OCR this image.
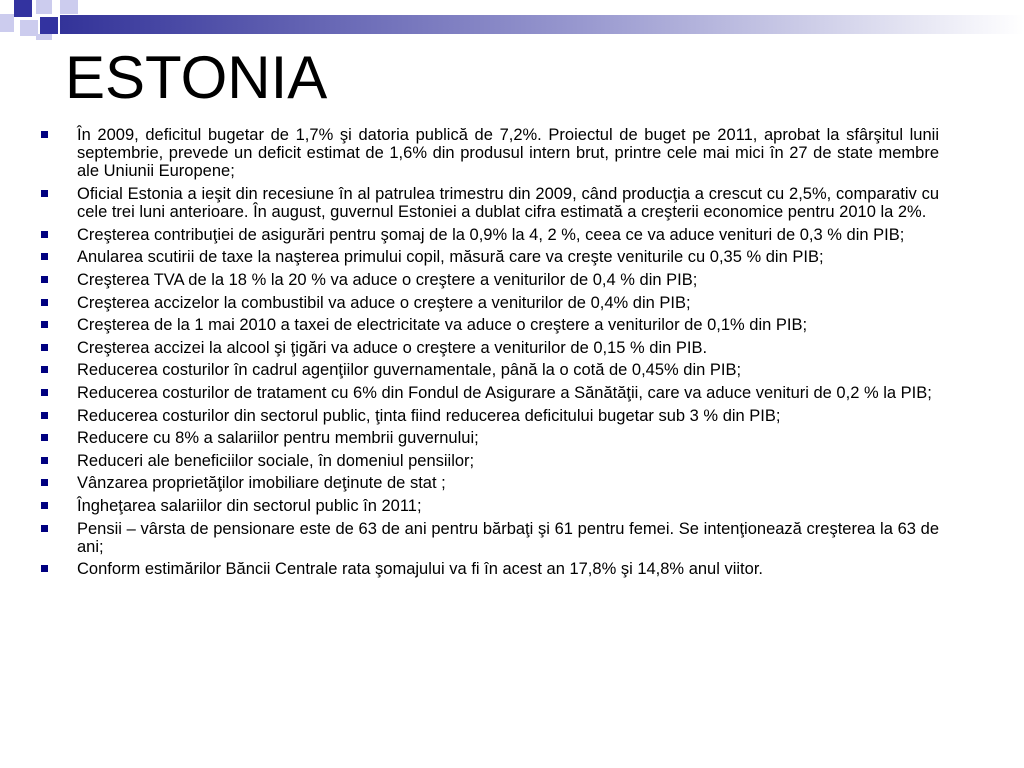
ESTONIA
În 2009, deficitul bugetar de 1,7% şi datoria publică de 7,2%. Proiectul de buget pe 2011, aprobat la sfârşitul lunii septembrie, prevede un deficit estimat de 1,6% din produsul intern brut, printre cele mai mici în 27 de state membre ale Uniunii Europene;
Oficial Estonia a ieşit din recesiune în al patrulea trimestru din 2009, când producţia a crescut cu 2,5%, comparativ cu cele trei luni anterioare. În august, guvernul Estoniei a dublat cifra estimată a creşterii economice pentru 2010 la 2%.
Creşterea contribuţiei de asigurări pentru şomaj de la 0,9% la 4, 2 %, ceea ce va aduce venituri de 0,3 % din PIB;
Anularea scutirii de taxe la naşterea primului copil, măsură care va creşte veniturile cu 0,35 % din PIB;
Creşterea TVA de la 18 % la 20 % va aduce o creştere a veniturilor de 0,4 % din PIB;
Creşterea accizelor la combustibil va aduce o creştere a veniturilor de 0,4% din PIB;
Creşterea de la 1 mai 2010 a taxei de electricitate va aduce o creştere a veniturilor de 0,1% din PIB;
Creşterea accizei la alcool şi ţigări va aduce o creştere a veniturilor de 0,15 % din PIB.
Reducerea costurilor în cadrul agenţiilor guvernamentale, până la o cotă de 0,45% din PIB;
Reducerea costurilor de tratament cu 6% din Fondul de Asigurare a Sănătăţii, care va aduce venituri de 0,2 % la PIB;
Reducerea costurilor din sectorul public, ţinta fiind reducerea deficitului bugetar sub 3 % din PIB;
Reducere cu 8% a salariilor pentru membrii guvernului;
Reduceri ale beneficiilor sociale, în domeniul pensiilor;
Vânzarea proprietăţilor imobiliare deţinute de stat ;
Îngheţarea salariilor din sectorul public în 2011;
Pensii – vârsta de pensionare este de 63 de ani pentru bărbaţi şi 61 pentru femei. Se intenţionează creşterea la 63 de ani;
Conform estimărilor Băncii Centrale rata şomajului va fi în acest an 17,8% şi 14,8% anul viitor.
